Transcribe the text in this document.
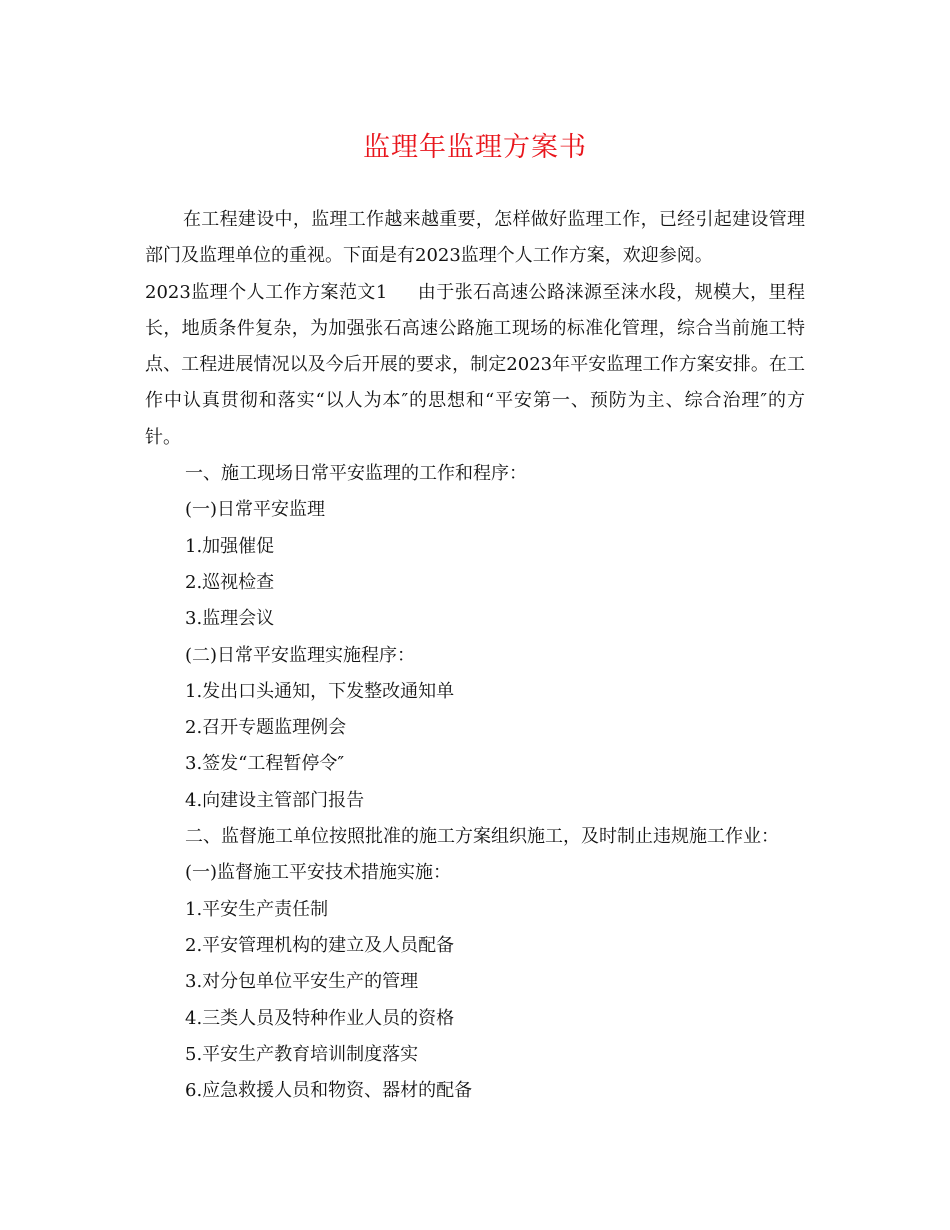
监理年监理方案书

在工程建设中，监理工作越来越重要，怎样做好监理工作，已经引起建设管理部门及监理单位的重视。下面是有2023监理个人工作方案，欢迎参阅。

2023监理个人工作方案范文1 由于张石高速公路涞源至涞水段，规模大，里程长，地质条件复杂，为加强张石高速公路施工现场的标准化管理，综合当前施工特点、工程进展情况以及今后开展的要求，制定2023年平安监理工作方案安排。在工作中认真贯彻和落实“以人为本″的思想和“平安第一、预防为主、综合治理″的方针。

一、施工现场日常平安监理的工作和程序：

(一)日常平安监理

1.加强催促

2.巡视检查

3.监理会议

(二)日常平安监理实施程序：

1.发出口头通知，下发整改通知单

2.召开专题监理例会

3.签发“工程暂停令″

4.向建设主管部门报告

二、监督施工单位按照批准的施工方案组织施工，及时制止违规施工作业：

(一)监督施工平安技术措施实施：

1.平安生产责任制

2.平安管理机构的建立及人员配备

3.对分包单位平安生产的管理

4.三类人员及特种作业人员的资格

5.平安生产教育培训制度落实

6.应急救援人员和物资、器材的配备
